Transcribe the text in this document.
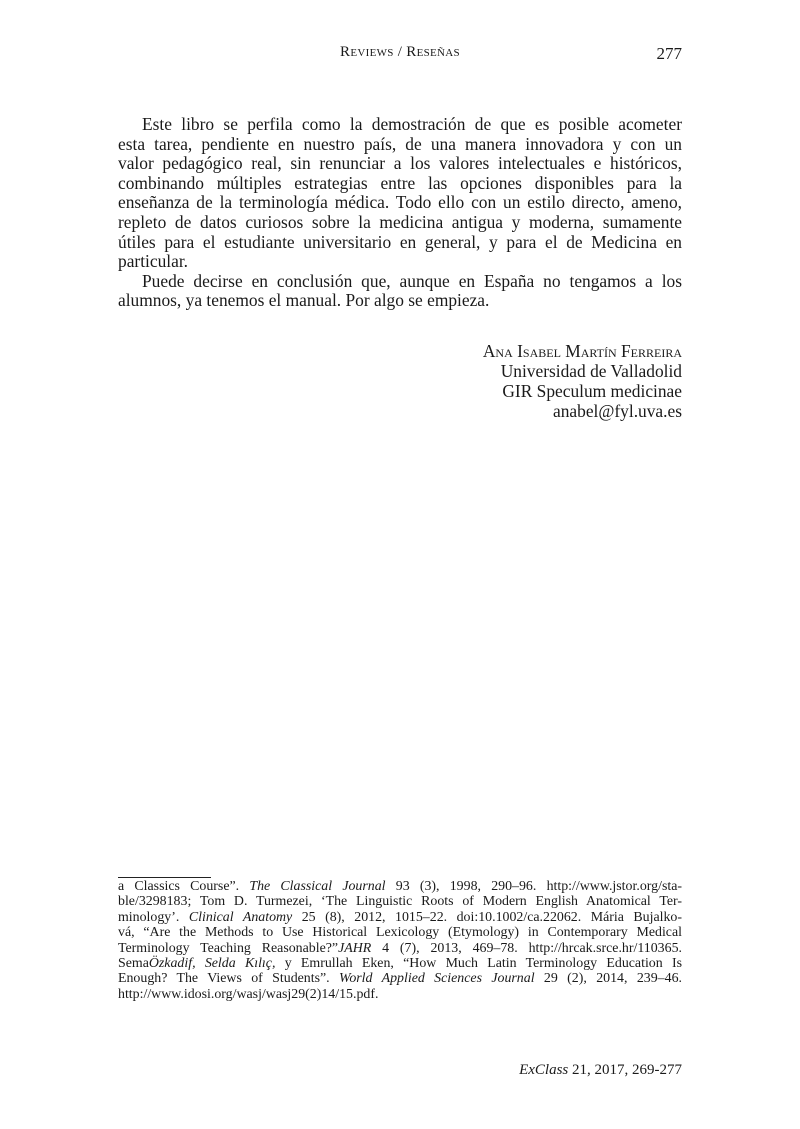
Reviews / Reseñas	277
Este libro se perfila como la demostración de que es posible acometer
esta tarea, pendiente en nuestro país, de una manera innovadora y con un
valor pedagógico real, sin renunciar a los valores intelectuales e históricos,
combinando múltiples estrategias entre las opciones disponibles para la
enseñanza de la terminología médica. Todo ello con un estilo directo, ameno,
repleto de datos curiosos sobre la medicina antigua y moderna, sumamente
útiles para el estudiante universitario en general, y para el de Medicina en
particular.
Puede decirse en conclusión que, aunque en España no tengamos a los
alumnos, ya tenemos el manual. Por algo se empieza.
Ana Isabel Martín Ferreira
Universidad de Valladolid
GIR Speculum medicinae
anabel@fyl.uva.es
a Classics Course”. The Classical Journal 93 (3), 1998, 290–96. http://www.jstor.org/sta-
ble/3298183; Tom D. Turmezei, ‘The Linguistic Roots of Modern English Anatomical Ter-
minology’. Clinical Anatomy 25 (8), 2012, 1015–22. doi:10.1002/ca.22062. Mária Bujalko-
vá, “Are the Methods to Use Historical Lexicology (Etymology) in Contemporary Medical
Terminology Teaching Reasonable?”JAHR 4 (7), 2013, 469–78. http://hrcak.srce.hr/110365.
SemaÖzkadif, Selda Kılıç, y Emrullah Eken, “How Much Latin Terminology Education Is
Enough? The Views of Students”. World Applied Sciences Journal 29 (2), 2014, 239–46.
http://www.idosi.org/wasj/wasj29(2)14/15.pdf.
ExClass 21, 2017, 269-277
